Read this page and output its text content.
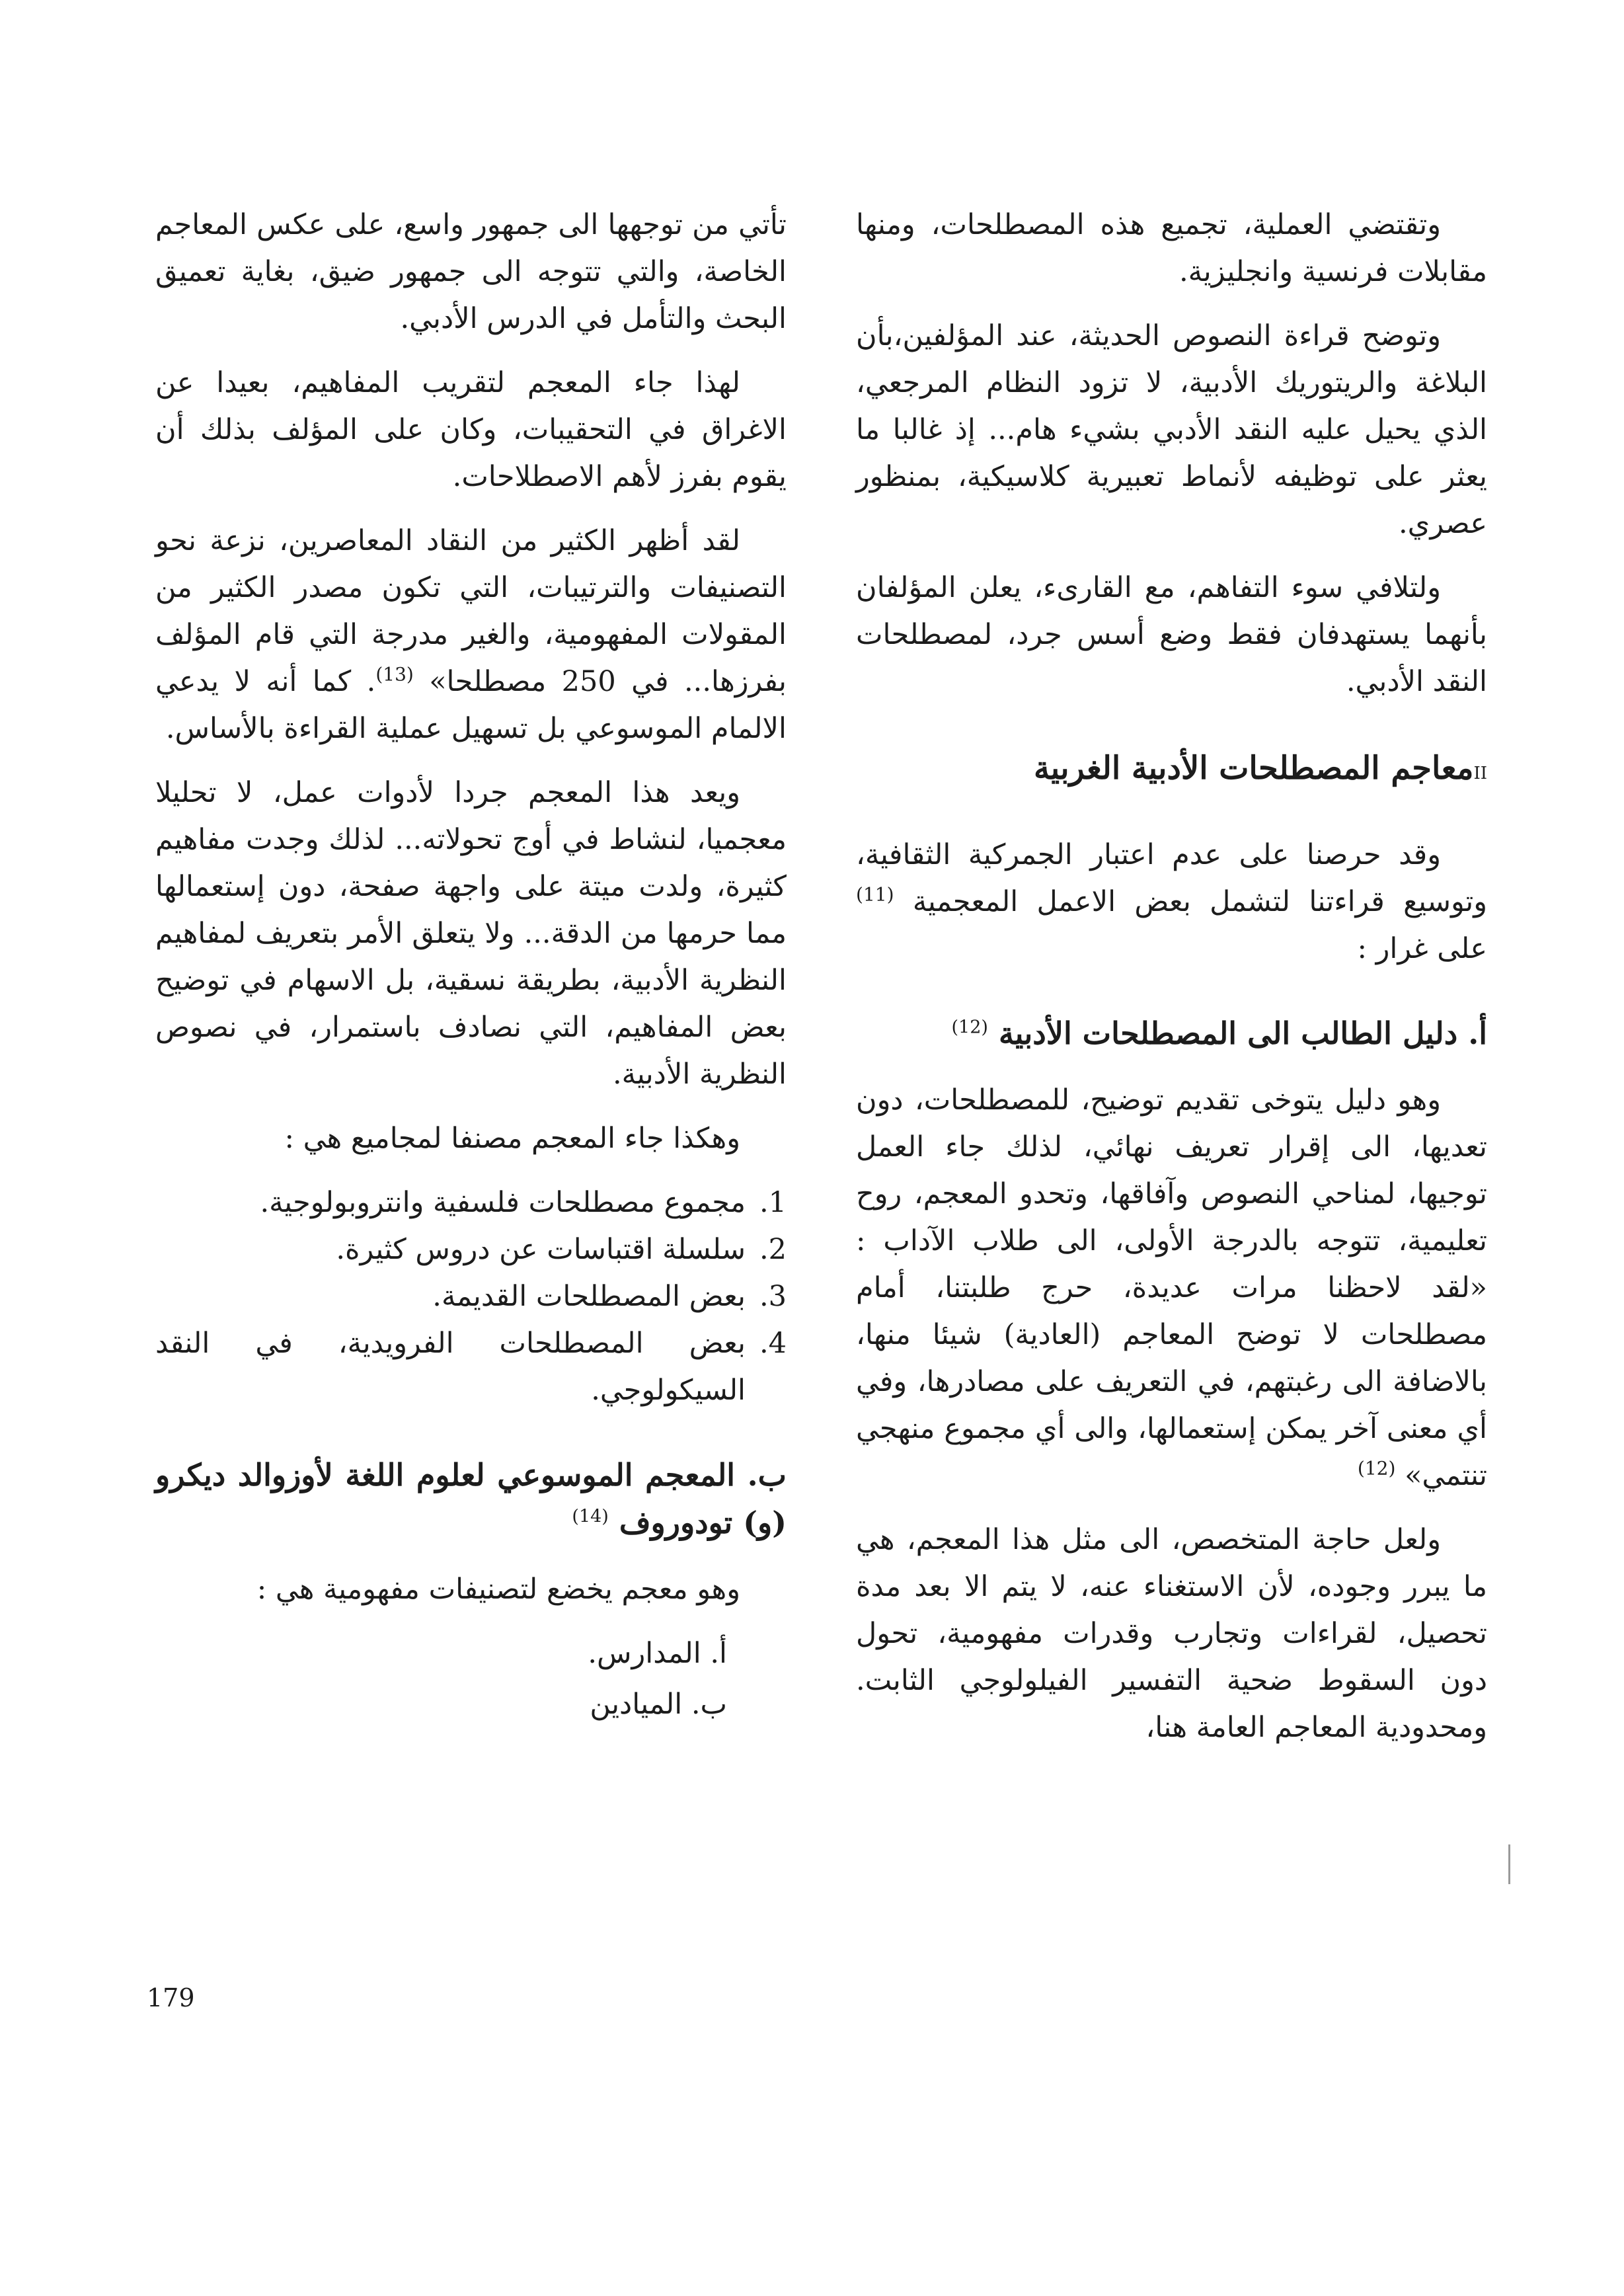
وتقتضي العملية، تجميع هذه المصطلحات، ومنها مقابلات فرنسية وانجليزية.

وتوضح قراءة النصوص الحديثة، عند المؤلفين،بأن البلاغة والريتوريك الأدبية، لا تزود النظام المرجعي، الذي يحيل عليه النقد الأدبي بشيء هام... إذ غالبا ما يعثر على توظيفه لأنماط تعبيرية كلاسيكية، بمنظور عصري.

ولتلافي سوء التفاهم، مع القارىء، يعلن المؤلفان بأنهما يستهدفان فقط وضع أسس جرد، لمصطلحات النقد الأدبي.

IIمعاجم المصطلحات الأدبية الغربية

وقد حرصنا على عدم اعتبار الجمركية الثقافية، وتوسيع قراءتنا لتشمل بعض الاعمل المعجمية $^{(11)}$ على غرار :

أ. دليل الطالب الى المصطلحات الأدبية $^{(12)}$

وهو دليل يتوخى تقديم توضيح، للمصطلحات، دون تعديها، الى إقرار تعريف نهائي، لذلك جاء العمل توجيها، لمناحي النصوص وآفاقها، وتحدو المعجم، روح تعليمية، تتوجه بالدرجة الأولى، الى طلاب الآداب : «لقد لاحظنا مرات عديدة، حرج طلبتنا، أمام مصطلحات لا توضح المعاجم (العادية) شيئا منها، بالاضافة الى رغبتهم، في التعريف على مصادرها، وفي أي معنى آخر يمكن إستعمالها، والى أي مجموع منهجي تنتمي» $^{(12)}$

ولعل حاجة المتخصص، الى مثل هذا المعجم، هي ما يبرر وجوده، لأن الاستغناء عنه، لا يتم الا بعد مدة تحصيل، لقراءات وتجارب وقدرات مفهومية، تحول دون السقوط ضحية التفسير الفيلولوجي الثابت. ومحدودية المعاجم العامة هنا،

تأتي من توجهها الى جمهور واسع، على عكس المعاجم الخاصة، والتي تتوجه الى جمهور ضيق، بغاية تعميق البحث والتأمل في الدرس الأدبي.

لهذا جاء المعجم لتقريب المفاهيم، بعيدا عن الاغراق في التحقيبات، وكان على المؤلف بذلك أن يقوم بفرز لأهم الاصطلاحات.

لقد أظهر الكثير من النقاد المعاصرين، نزعة نحو التصنيفات والترتيبات، التي تكون مصدر الكثير من المقولات المفهومية، والغير مدرجة التي قام المؤلف بفرزها... في 250 مصطلحا» $^{(13)}$. كما أنه لا يدعي الالمام الموسوعي بل تسهيل عملية القراءة بالأساس.

ويعد هذا المعجم جردا لأدوات عمل، لا تحليلا معجميا، لنشاط في أوج تحولاته... لذلك وجدت مفاهيم كثيرة، ولدت ميتة على واجهة صفحة، دون إستعمالها مما حرمها من الدقة... ولا يتعلق الأمر بتعريف لمفاهيم النظرية الأدبية، بطريقة نسقية، بل الاسهام في توضيح بعض المفاهيم، التي نصادف باستمرار، في نصوص النظرية الأدبية.

وهكذا جاء المعجم مصنفا لمجاميع هي :

1.مجموع مصطلحات فلسفية وانتروبولوجية.
2.سلسلة اقتباسات عن دروس كثيرة.
3.بعض المصطلحات القديمة.
4.بعض المصطلحات الفرويدية، في النقد السيكولوجي.
ب. المعجم الموسوعي لعلوم اللغة لأوزوالد ديكرو (و) تودوروف $^{(14)}$

وهو معجم يخضع لتصنيفات مفهومية هي :

أ. المدارس.
ب. الميادين
179
